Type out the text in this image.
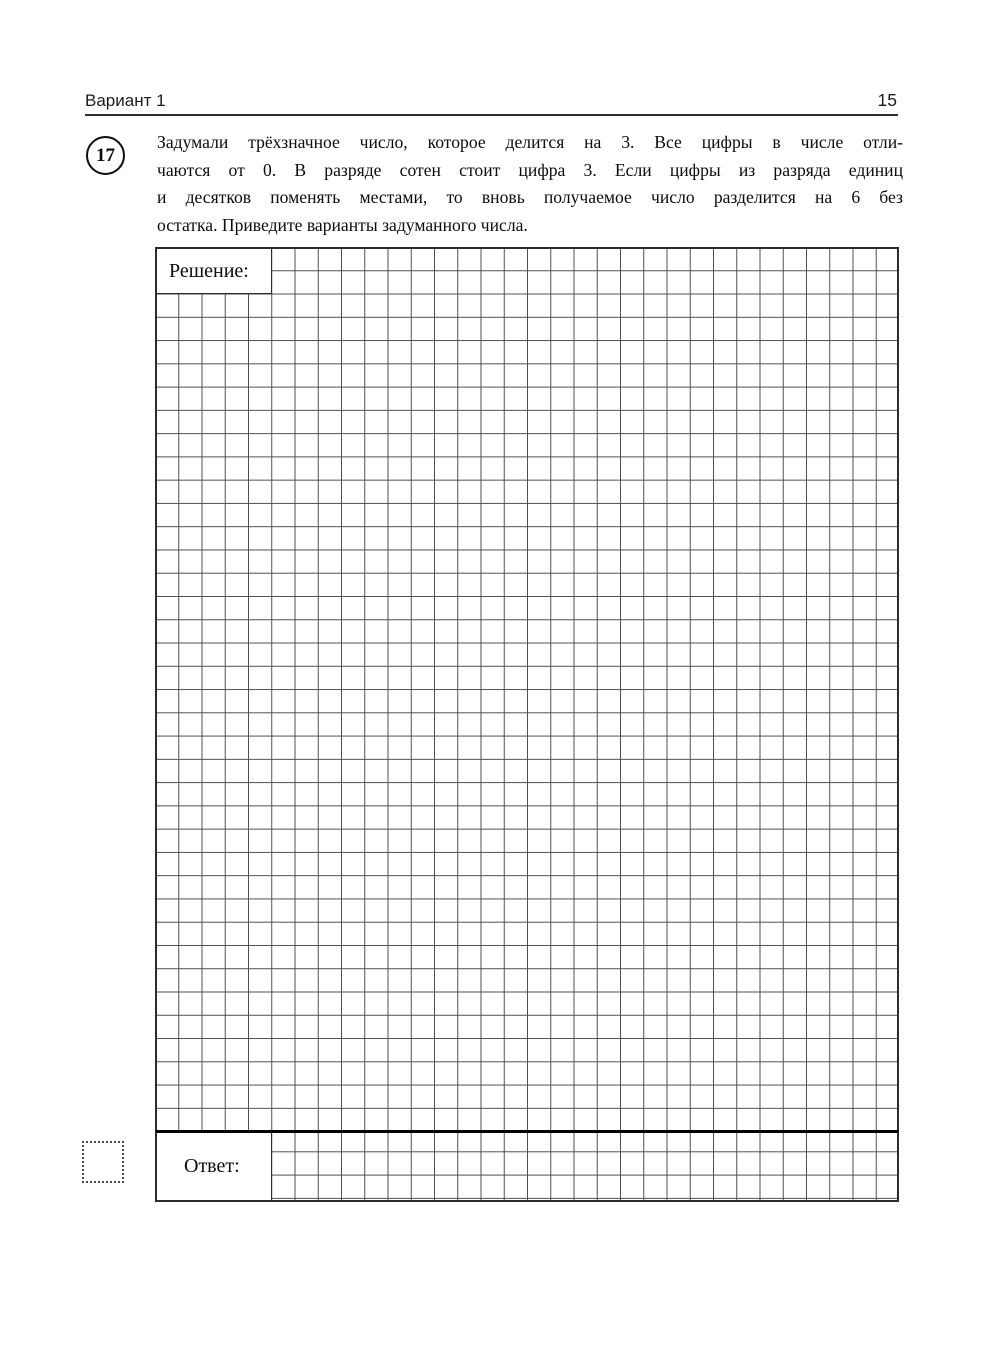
Вариант 1	15
17
Задумали трёхзначное число, которое делится на 3. Все цифры в числе отли-
чаются от 0. В разряде сотен стоит цифра 3. Если цифры из разряда единиц
и десятков поменять местами, то вновь получаемое число разделится на 6 без
остатка. Приведите варианты задуманного числа.
Решение:
Ответ:
